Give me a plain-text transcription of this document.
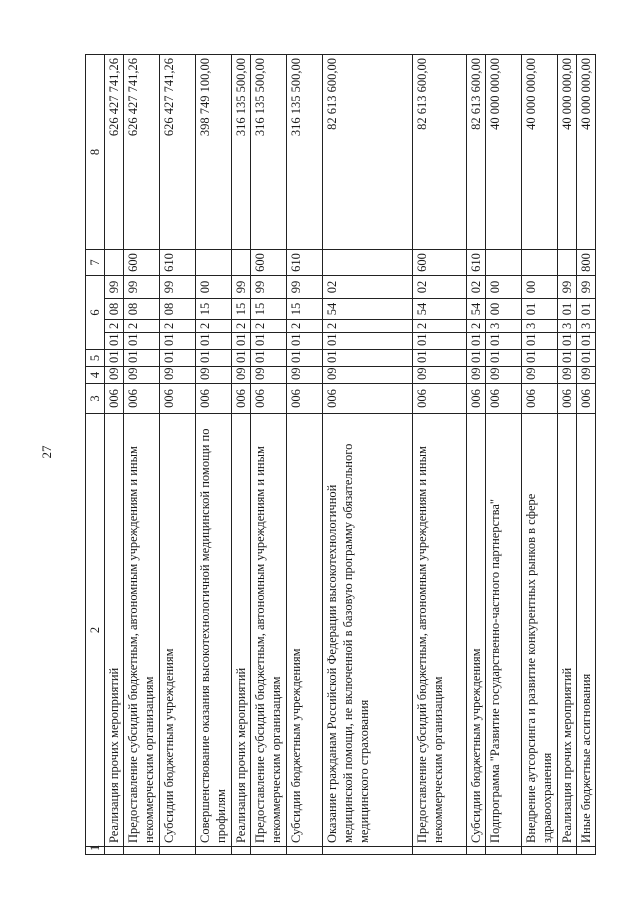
27
1	2	3	4	5	6				7	8
	Реализация прочих мероприятий	006	09	01	01	2	08	99		626 427 741,26
	Предоставление субсидий бюджетным, автономным учреждениям и иным некоммерческим организациям	006	09	01	01	2	08	99	600	626 427 741,26
	Субсидии бюджетным учреждениям	006	09	01	01	2	08	99	610	626 427 741,26
	Совершенствование оказания высокотехнологичной медицинской помощи по профилям	006	09	01	01	2	15	00		398 749 100,00
	Реализация прочих мероприятий	006	09	01	01	2	15	99		316 135 500,00
	Предоставление субсидий бюджетным, автономным учреждениям и иным некоммерческим организациям	006	09	01	01	2	15	99	600	316 135 500,00
	Субсидии бюджетным учреждениям	006	09	01	01	2	15	99	610	316 135 500,00
	Оказание гражданам Российской Федерации высокотехнологичной медицинской помощи, не включенной в базовую программу обязательного медицинского страхования	006	09	01	01	2	54	02		82 613 600,00
	Предоставление субсидий бюджетным, автономным учреждениям и иным некоммерческим организациям	006	09	01	01	2	54	02	600	82 613 600,00
	Субсидии бюджетным учреждениям	006	09	01	01	2	54	02	610	82 613 600,00
	Подпрограмма "Развитие государственно-частного партнерства"	006	09	01	01	3	00	00		40 000 000,00
	Внедрение аутсорсинга и развитие конкурентных рынков в сфере здравоохранения	006	09	01	01	3	01	00		40 000 000,00
	Реализация прочих мероприятий	006	09	01	01	3	01	99		40 000 000,00
	Иные бюджетные ассигнования	006	09	01	01	3	01	99	800	40 000 000,00
